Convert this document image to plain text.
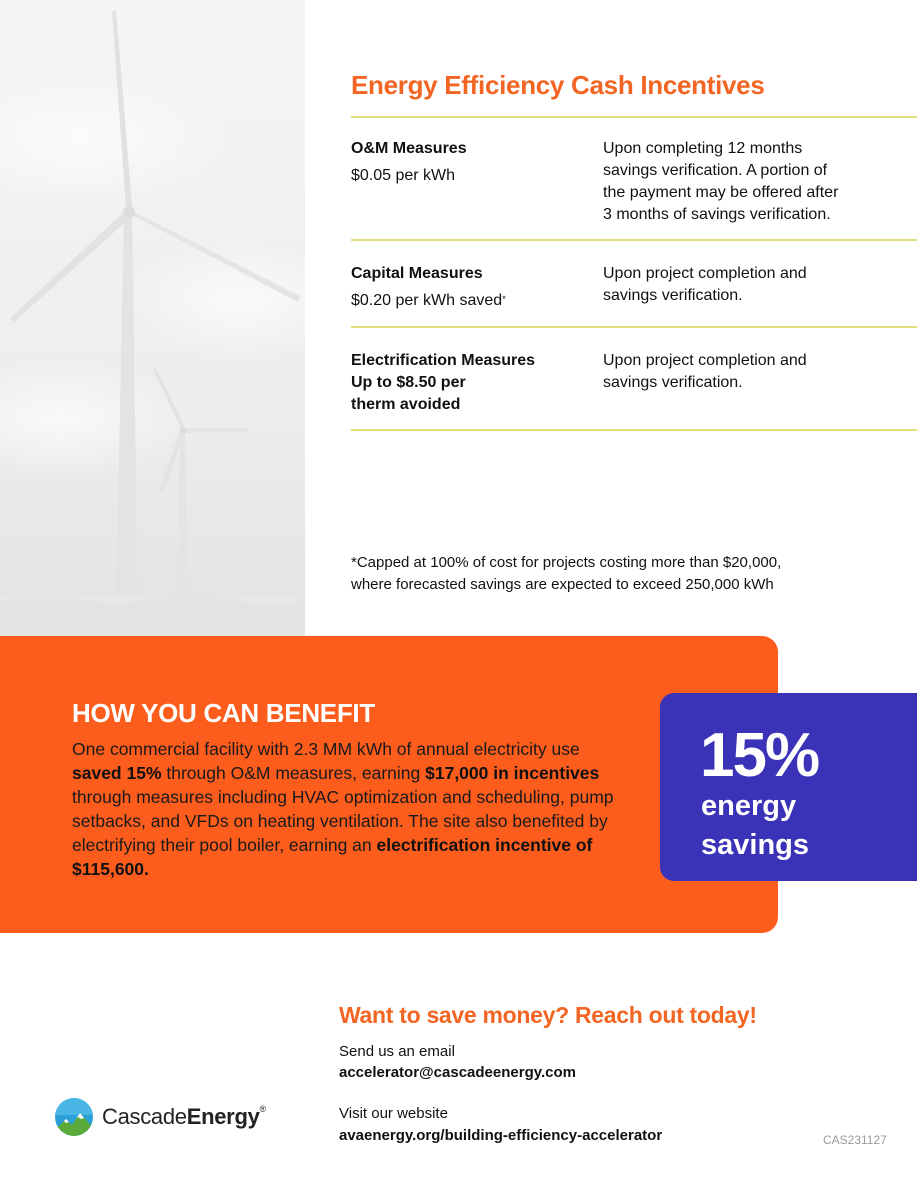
Energy Efficiency Cash Incentives
O&M Measures
$0.05 per kWh
Upon completing 12 months
savings verification. A portion of
the payment may be offered after
3 months of savings verification.
Capital Measures
$0.20 per kWh saved*
Upon project completion and
savings verification.
Electrification Measures
Up to $8.50 per
therm avoided
Upon project completion and
savings verification.
*Capped at 100% of cost for projects costing more than $20,000,
where forecasted savings are expected to exceed 250,000 kWh
HOW YOU CAN BENEFIT

One commercial facility with 2.3 MM kWh of annual electricity use saved 15% through O&M measures, earning $17,000 in incentives through measures including HVAC optimization and scheduling, pump setbacks, and VFDs on heating ventilation. The site also benefited by electrifying their pool boiler, earning an electrification incentive of $115,600.

15%
energy
savings
Want to save money? Reach out today!
Send us an email
accelerator@cascadeenergy.com
Visit our website
avaenergy.org/building-efficiency-accelerator
CascadeEnergy®
CAS231127
